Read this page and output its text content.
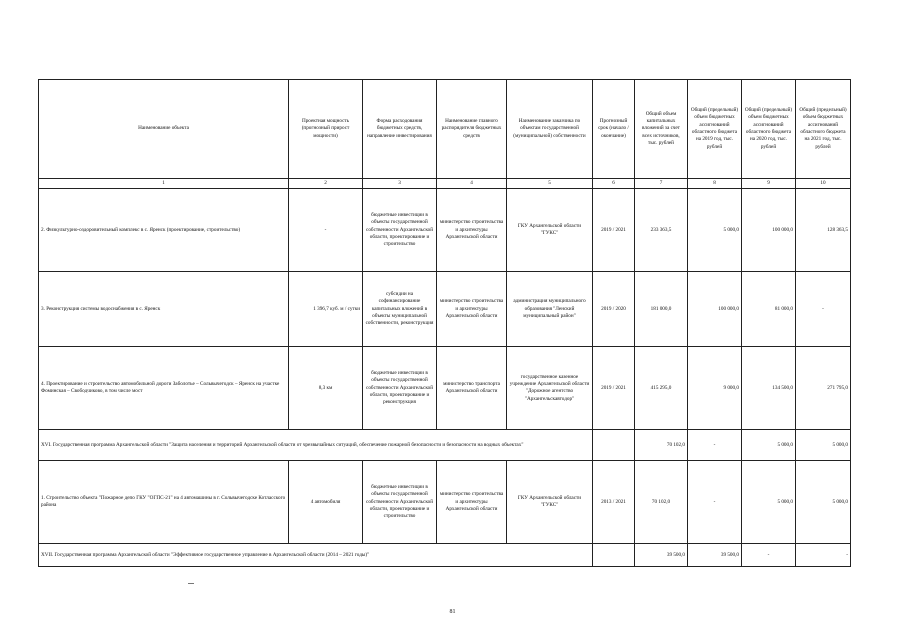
Наименование объекта	Проектная мощность (прогнозный прирост мощности)	Форма расходования бюджетных средств, направление инвестирования	Наименование главного распорядителя бюджетных средств	Наименование заказчика по объектам государственной (муниципальной) собственности	Прогнозный срок (начало / окончание)	Общий объем капитальных вложений за счет всех источников, тыс. рублей	Общий (предельный) объем бюджетных ассигнований областного бюджета на 2019 год, тыс. рублей	Общий (предельный) объем бюджетных ассигнований областного бюджета на 2020 год, тыс. рублей	Общий (предельный) объем бюджетных ассигнований областного бюджета на 2021 год, тыс. рублей
1	2	3	4	5	6	7	8	9	10
2. Физкультурно-оздоровительный комплекс в с. Яренск (проектирование, строительство)	-	бюджетные инвестиции в объекты государственной собственности Архангельской области, проектирование и строительство	министерство строительства и архитектуры Архангельской области	ГКУ Архангельской области "ГУКС"	2019 / 2021	233 363,5	5 000,0	100 000,0	128 363,5
3. Реконструкция системы водоснабжения в с. Яренск	1 396,7 куб. м / сутки	субсидии на софинансирование капитальных вложений в объекты муниципальной собственности, реконструкция	министерство строительства и архитектуры Архангельской области	администрация муниципального образования "Ленский муниципальный район"	2019 / 2020	181 000,0	100 000,0	81 000,0	-
4. Проектирование и строительство автомобильной дороги Заболотье – Сольвычегодск – Яренск на участке Фоминская – Свободчиково, в том числе мост	8,3 км	бюджетные инвестиции в объекты государственной собственности Архангельской области, проектирование и реконструкция	министерство транспорта Архангельской области	государственное казенное учреждение Архангельской области "Дорожное агентство "Архангельскавтодор"	2019 / 2021	415 295,0	9 000,0	134 500,0	271 795,0
XVI. Государственная программа Архангельской области "Защита населения и территорий Архангельской области от чрезвычайных ситуаций, обеспечение пожарной безопасности и безопасности на водных объектах"						70 102,0	-	5 000,0	5 000,0
1. Строительство объекта "Пожарное депо ГКУ "ОГПС-21" на 4 автомашины в г. Сольвычегодске Котласского района	4 автомобиля	бюджетные инвестиции в объекты государственной собственности Архангельской области, проектирование и строительство	министерство строительства и архитектуры Архангельской области	ГКУ Архангельской области "ГУКС"	2013 / 2021	70 102,0	-	5 000,0	5 000,0
XVII. Государственная программа Архангельской области "Эффективное государственное управление в Архангельской области (2014 – 2021 годы)"						39 500,0	39 500,0	-	-
81
